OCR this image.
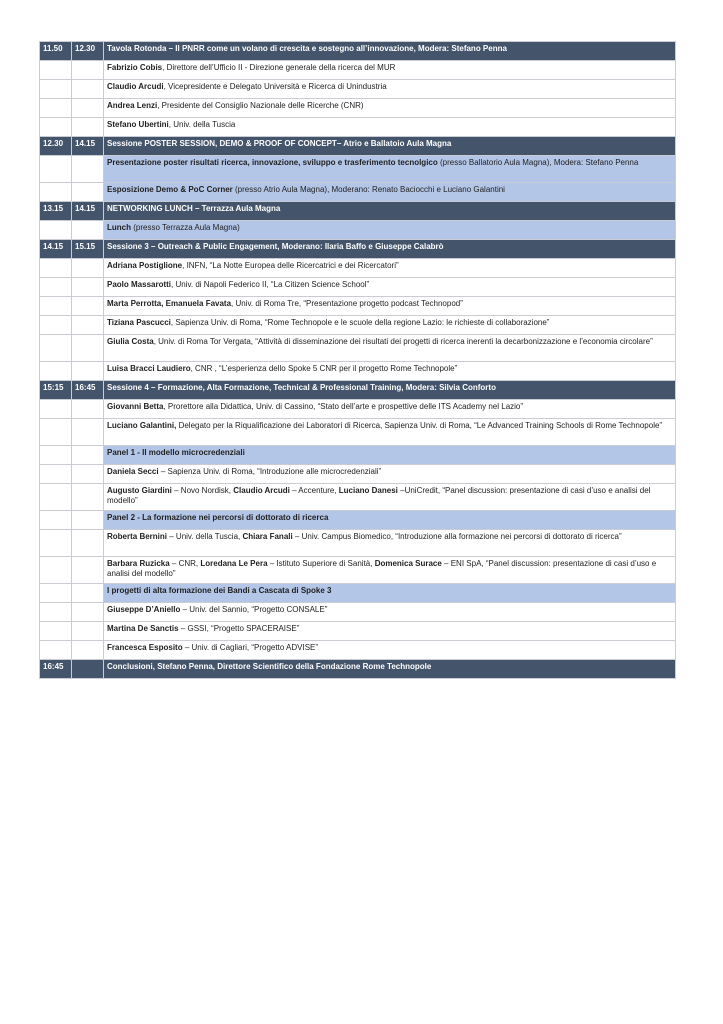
11.50	12.30	Tavola Rotonda – Il PNRR come un volano di crescita e sostegno all’innovazione, Modera: Stefano Penna
		Fabrizio Cobis, Direttore dell’Ufficio II - Direzione generale della ricerca del MUR
		Claudio Arcudi, Vicepresidente e Delegato Università e Ricerca di Unindustria
		Andrea Lenzi, Presidente del Consiglio Nazionale delle Ricerche (CNR)
		Stefano Ubertini, Univ. della Tuscia
12.30	14.15	Sessione POSTER SESSION, DEMO & PROOF OF CONCEPT– Atrio e Ballatoio Aula Magna
		Presentazione poster risultati ricerca, innovazione, sviluppo e trasferimento tecnolgico (presso Ballatorio Aula Magna), Modera: Stefano Penna
		Esposizione Demo & PoC Corner (presso Atrio Aula Magna), Moderano: Renato Baciocchi e Luciano Galantini
13.15	14.15	NETWORKING LUNCH – Terrazza Aula Magna
		Lunch (presso Terrazza Aula Magna)
14.15	15.15	Sessione 3 – Outreach & Public Engagement, Moderano: Ilaria Baffo e Giuseppe Calabrò
		Adriana Postiglione, INFN, “La Notte Europea delle Ricercatrici e dei Ricercatori”
		Paolo Massarotti, Univ. di Napoli Federico II, “La Citizen Science School”
		Marta Perrotta, Emanuela Favata, Univ. di Roma Tre, “Presentazione progetto podcast Technopod”
		Tiziana Pascucci, Sapienza Univ. di Roma, “Rome Technopole e le scuole della regione Lazio: le richieste di collaborazione”
		Giulia Costa, Univ. di Roma Tor Vergata, “Attività di disseminazione dei risultati dei progetti di ricerca inerenti la decarbonizzazione e l’economia circolare”
		Luisa Bracci Laudiero, CNR , “L’esperienza dello Spoke 5 CNR per il progetto Rome Technopole”
15:15	16:45	Sessione 4 – Formazione, Alta Formazione, Technical & Professional Training, Modera: Silvia Conforto
		Giovanni Betta, Prorettore alla Didattica, Univ. di Cassino, “Stato dell’arte e prospettive delle ITS Academy nel Lazio”
		Luciano Galantini, Delegato per la Riqualificazione dei Laboratori di Ricerca, Sapienza Univ. di Roma, “Le Advanced Training Schools di Rome Technopole”
		Panel 1 - Il modello microcredenziali
		Daniela Secci – Sapienza Univ. di Roma, “Introduzione alle microcredenziali”
		Augusto Giardini – Novo Nordisk, Claudio Arcudi – Accenture, Luciano Danesi –UniCredit, “Panel discussion: presentazione di casi d’uso e analisi del modello”
		Panel 2 - La formazione nei percorsi di dottorato di ricerca
		Roberta Bernini – Univ. della Tuscia, Chiara Fanali – Univ. Campus Biomedico, “Introduzione alla formazione nei percorsi di dottorato di ricerca”
		Barbara Ruzicka – CNR, Loredana Le Pera – Istituto Superiore di Sanità, Domenica Surace – ENI SpA, “Panel discussion: presentazione di casi d’uso e analisi del modello”
		I progetti di alta formazione dei Bandi a Cascata di Spoke 3
		Giuseppe D’Aniello – Univ. del Sannio, “Progetto CONSALE”
		Martina De Sanctis – GSSI, “Progetto SPACERAISE”
		Francesca Esposito – Univ. di Cagliari, “Progetto ADVISE”
16:45		Conclusioni, Stefano Penna, Direttore Scientifico della Fondazione Rome Technopole
